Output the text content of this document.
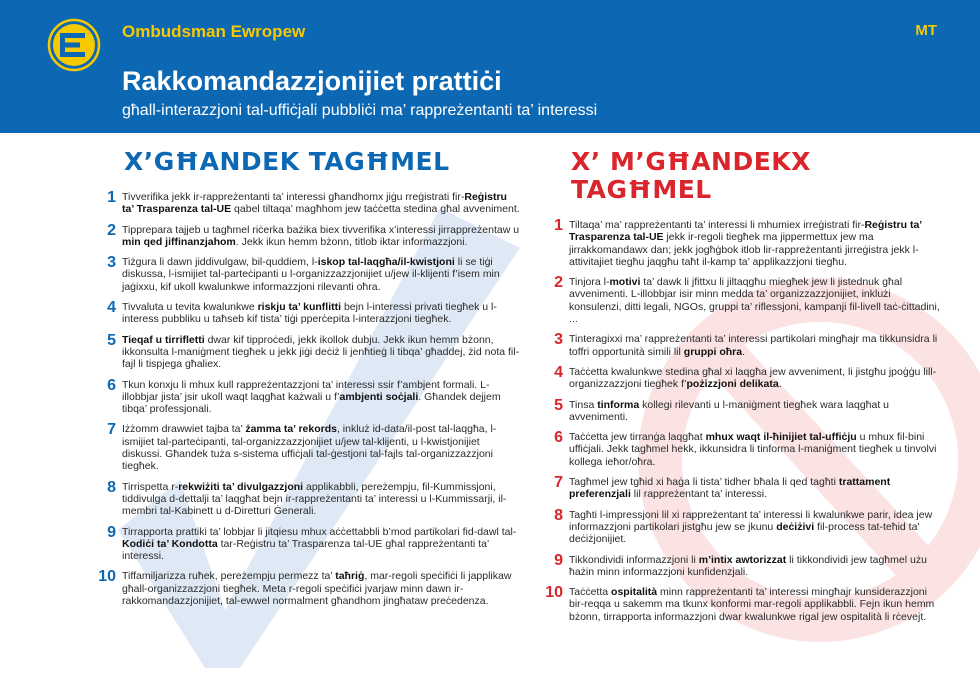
Ombudsman Ewropew	MT
Rakkomandazzjonijiet prattiċi
għall-interazzjoni tal-uffiċjali pubbliċi ma’ rappreżentanti ta’ interessi
X’GĦANDEK TAGĦMEL
1 Tivverifika jekk ir-rappreżentanti ta’ interessi għandhomx jiġu rreġistrati fir-Reġistru ta’ Trasparenza tal-UE qabel tiltaqa’ magħhom jew taċċetta stedina għal avveniment.
2 Tipprepara tajjeb u tagħmel riċerka bażika biex tivverifika x’interessi jirrappreżentaw u min qed jiffinanzjahom. Jekk ikun hemm bżonn, titlob iktar informazzjoni.
3 Tiżgura li dawn jiddivulgaw, bil-quddiem, l-iskop tal-laqgħa/il-kwistjoni li se tiġi diskussa, l-ismijiet tal-parteċipanti u l-organizzazzjonijiet u/jew il-klijenti f’isem min jaġixxu, kif ukoll kwalunkwe informazzjoni rilevanti oħra.
4 Tivvaluta u tevita kwalunkwe riskju ta’ kunflitti bejn l-interessi privati tiegħek u l-interess pubbliku u taħseb kif tista’ tiġi pperċepita l-interazzjoni tiegħek.
5 Tieqaf u tirrifletti dwar kif tipproċedi, jekk ikollok dubju. Jekk ikun hemm bżonn, ikkonsulta l-maniġment tiegħek u jekk jiġi deċiż li jenħtieġ li tibqa’ għaddej, żid nota fil-fajl li tispjega għaliex.
6 Tkun konxju li mhux kull rappreżentazzjoni ta’ interessi ssir f’ambjent formali. L-illobbjar jista’ jsir ukoll waqt laqgħat każwali u f’ambjenti soċjali. Għandek dejjem tibqa’ professjonali.
7 Iżżomm drawwiet tajba ta’ żamma ta’ rekords, inkluż id-data/il-post tal-laqgħa, l-ismijiet tal-parteċipanti, tal-organizzazzjonijiet u/jew tal-klijenti, u l-kwistjonijiet diskussi. Għandek tuża s-sistema uffiċjali tal-ġestjoni tal-fajls tal-organizzazzjoni tiegħek.
8 Tirrispetta r-rekwiżiti ta’ divulgazzjoni applikabbli, pereżempju, fil-Kummissjoni, tiddivulga d-dettalji ta’ laqgħat bejn ir-rappreżentanti ta’ interessi u l-Kummissarji, il-membri tal-Kabinett u d-Diretturi Ġenerali.
9 Tirrapporta prattiki ta’ lobbjar li jitqiesu mhux aċċettabbli b’mod partikolari fid-dawl tal-Kodiċi ta’ Kondotta tar-Reġistru ta’ Trasparenza tal-UE għal rappreżentanti ta’ interessi.
10 Tiffamiljarizza ruħek, pereżempju permezz ta’ taħriġ, mar-regoli speċifiċi li japplikaw għall-organizzazzjoni tiegħek. Meta r-regoli speċifiċi jvarjaw minn dawn ir-rakkomandazzjonijiet, tal-ewwel normalment għandhom jingħataw preċedenza.
X’ M’GĦANDEKX TAGĦMEL
1 Tiltaqa’ ma’ rappreżentanti ta’ interessi li mhumiex irreġistrati fir-Reġistru ta’ Trasparenza tal-UE jekk ir-regoli tiegħek ma jippermettux jew ma jirrakkomandawx dan; jekk jogħġbok itlob lir-rappreżentanti jirreġistra jekk l-attivitajiet tiegħu jaqgħu taħt il-kamp ta’ applikazzjoni tiegħu.
2 Tinjora l-motivi ta’ dawk li jfittxu li jiltaqgħu miegħek jew li jistednuk għal avvenimenti. L-illobbjar isir minn medda ta’ organizzazzjonijiet, inklużi konsulenzi, ditti legali, NGOs, gruppi ta’ riflessjoni, kampanji fil-livell taċ-ċittadini, ...
3 Tinteragixxi ma’ rappreżentanti ta’ interessi partikolari mingħajr ma tikkunsidra li toffri opportunità simili lil gruppi oħra.
4 Taċċetta kwalunkwe stedina għal xi laqgħa jew avveniment, li jistgħu jpoġġu lill-organizzazzjoni tiegħek f’pożizzjoni delikata.
5 Tinsa tinforma kollegi rilevanti u l-maniġment tiegħek wara laqgħat u avvenimenti.
6 Taċċetta jew tirranġa laqgħat mhux waqt il-ħinijiet tal-uffiċju u mhux fil-bini uffiċjali. Jekk tagħmel hekk, ikkunsidra li tinforma l-maniġment tiegħek u tinvolvi kollega ieħor/oħra.
7 Tagħmel jew tgħid xi ħaġa li tista’ tidher bħala li qed tagħti trattament preferenzjali lil rappreżentant ta’ interessi.
8 Tagħti l-impressjoni lil xi rappreżentant ta’ interessi li kwalunkwe parir, idea jew informazzjoni partikolari jistgħu jew se jkunu deċiżivi fil-process tat-teħid ta’ deċiżjonijiet.
9 Tikkondividi informazzjoni li m’intix awtorizzat li tikkondividi jew tagħmel użu ħażin minn informazzjoni kunfidenzjali.
10 Taċċetta ospitalità minn rappreżentanti ta’ interessi mingħajr kunsiderazzjoni bir-reqqa u sakemm ma tkunx konformi mar-regoli applikabbli. Fejn ikun hemm bżonn, tirrapporta informazzjoni dwar kwalunkwe rigal jew ospitalità li rċevejt.
